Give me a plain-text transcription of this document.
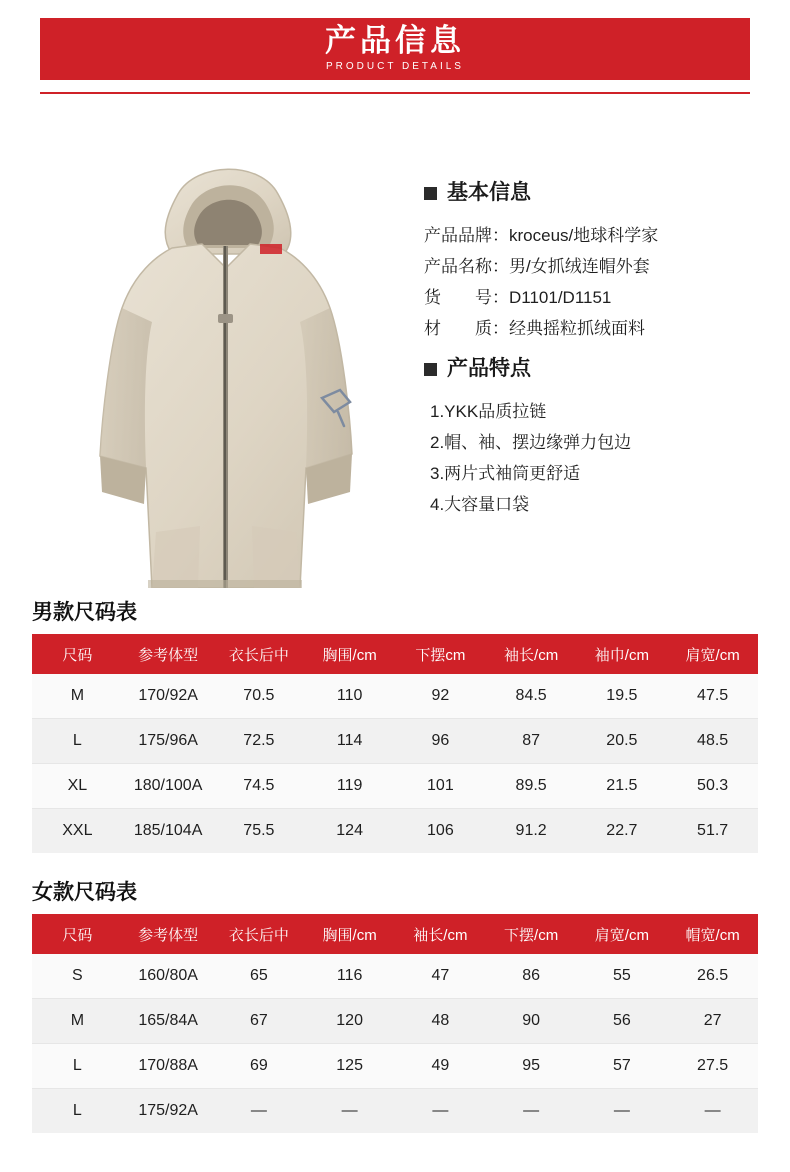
产品信息
PRODUCT DETAILS
基本信息
产品品牌：kroceus/地球科学家
产品名称：男/女抓绒连帽外套
货　　号：D1101/D1151
材　　质：经典摇粒抓绒面料
产品特点
1.YKK品质拉链
2.帽、袖、摆边缘弹力包边
3.两片式袖筒更舒适
4.大容量口袋
男款尺码表
尺码	参考体型	衣长后中	胸围/cm	下摆cm	袖长/cm	袖巾/cm	肩宽/cm
M	170/92A	70.5	110	92	84.5	19.5	47.5
L	175/96A	72.5	114	96	87	20.5	48.5
XL	180/100A	74.5	119	101	89.5	21.5	50.3
XXL	185/104A	75.5	124	106	91.2	22.7	51.7
女款尺码表
尺码	参考体型	衣长后中	胸围/cm	袖长/cm	下摆/cm	肩宽/cm	帽宽/cm
S	160/80A	65	116	47	86	55	26.5
M	165/84A	67	120	48	90	56	27
L	170/88A	69	125	49	95	57	27.5
L	175/92A	—	—	—	—	—	—
